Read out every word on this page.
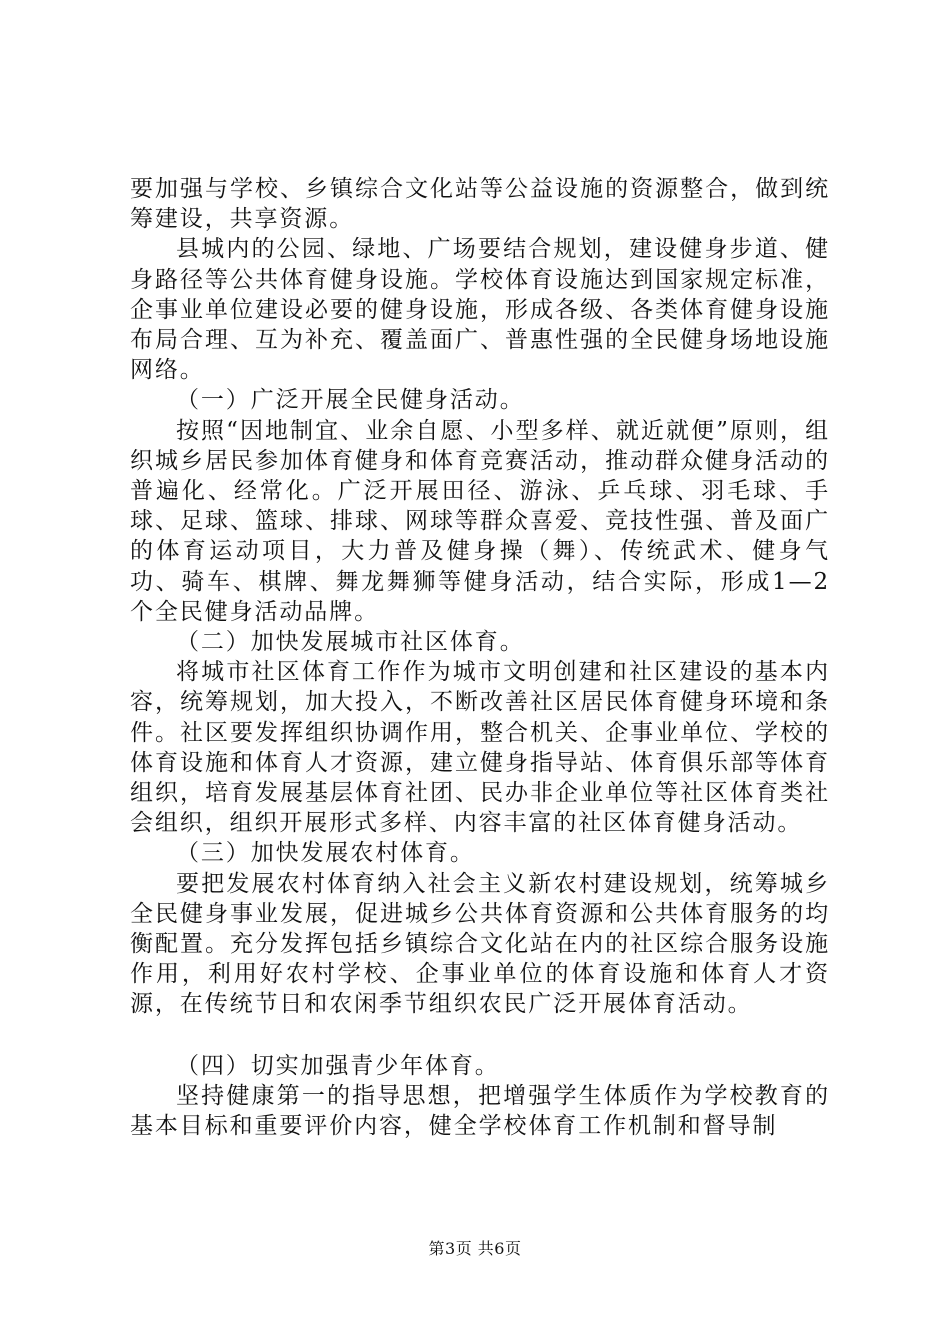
要加强与学校、乡镇综合文化站等公益设施的资源整合，做到统筹建设，共享资源。

县城内的公园、绿地、广场要结合规划，建设健身步道、健身路径等公共体育健身设施。学校体育设施达到国家规定标准，企事业单位建设必要的健身设施，形成各级、各类体育健身设施布局合理、互为补充、覆盖面广、普惠性强的全民健身场地设施网络。

（一）广泛开展全民健身活动。

按照“因地制宜、业余自愿、小型多样、就近就便”原则，组织城乡居民参加体育健身和体育竞赛活动，推动群众健身活动的普遍化、经常化。广泛开展田径、游泳、乒乓球、羽毛球、手球、足球、篮球、排球、网球等群众喜爱、竞技性强、普及面广的体育运动项目，大力普及健身操（舞）、传统武术、健身气功、骑车、棋牌、舞龙舞狮等健身活动，结合实际，形成1—2个全民健身活动品牌。

（二）加快发展城市社区体育。

将城市社区体育工作作为城市文明创建和社区建设的基本内容，统筹规划，加大投入，不断改善社区居民体育健身环境和条件。社区要发挥组织协调作用，整合机关、企事业单位、学校的体育设施和体育人才资源，建立健身指导站、体育俱乐部等体育组织，培育发展基层体育社团、民办非企业单位等社区体育类社会组织，组织开展形式多样、内容丰富的社区体育健身活动。

（三）加快发展农村体育。

要把发展农村体育纳入社会主义新农村建设规划，统筹城乡全民健身事业发展，促进城乡公共体育资源和公共体育服务的均衡配置。充分发挥包括乡镇综合文化站在内的社区综合服务设施作用，利用好农村学校、企事业单位的体育设施和体育人才资源，在传统节日和农闲季节组织农民广泛开展体育活动。

（四）切实加强青少年体育。

坚持健康第一的指导思想，把增强学生体质作为学校教育的基本目标和重要评价内容，健全学校体育工作机制和督导制

第3页 共6页
